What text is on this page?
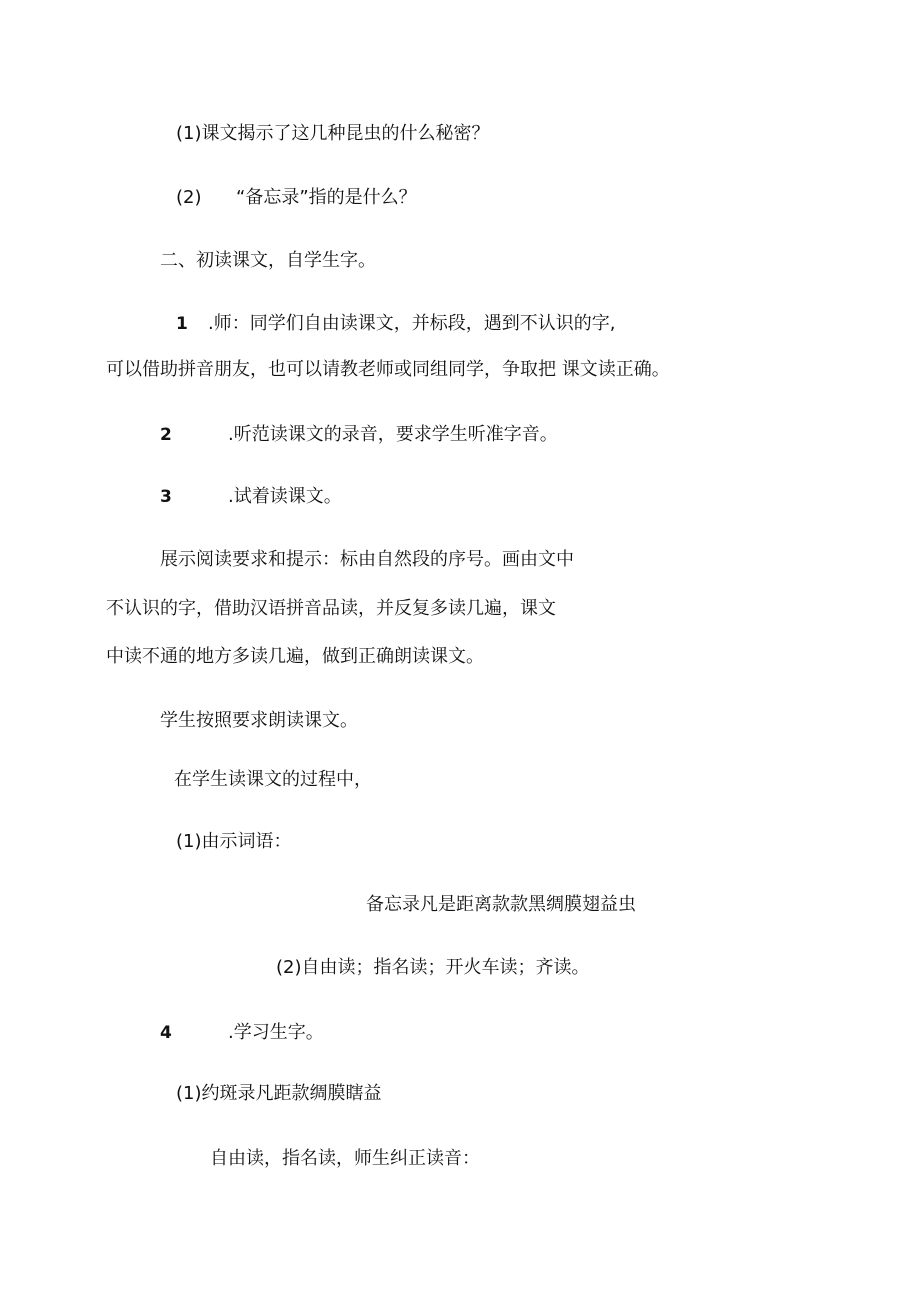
(1)课文揭示了这几种昆虫的什么秘密？
(2) “备忘录”指的是什么？
二、初读课文，自学生字。
1 .师：同学们自由读课文，并标段，遇到不认识的字,
可以借助拼音朋友，也可以请教老师或同组同学，争取把 课文读正确。
2	.听范读课文的录音，要求学生听准字音。
3	.试着读课文。
展示阅读要求和提示：标由自然段的序号。画由文中
不认识的字，借助汉语拼音品读，并反复多读几遍，课文
中读不通的地方多读几遍，做到正确朗读课文。
学生按照要求朗读课文。
在学生读课文的过程中，
(1)由示词语：
备忘录凡是距离款款黑绸膜翅益虫
(2)自由读；指名读；开火车读；齐读。
4	.学习生字。
(1)约斑录凡距款绸膜瞎益
自由读，指名读，师生纠正读音：
